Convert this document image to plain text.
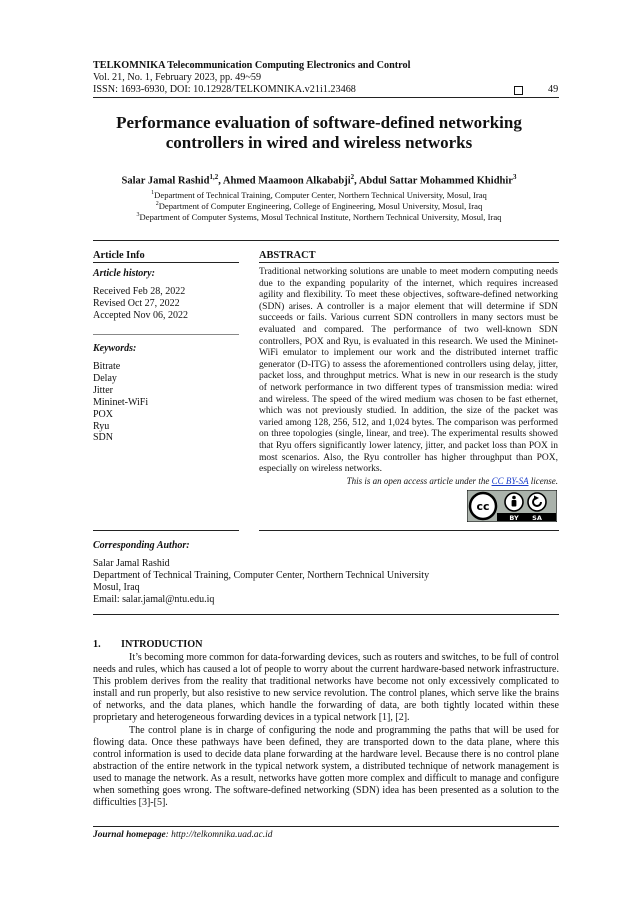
TELKOMNIKA Telecommunication Computing Electronics and Control
Vol. 21, No. 1, February 2023, pp. 49~59
ISSN: 1693-6930, DOI: 10.12928/TELKOMNIKA.v21i1.23468	49
Performance evaluation of software-defined networking
controllers in wired and wireless networks
Salar Jamal Rashid$^{1,2}$, Ahmed Maamoon Alkababji$^2$, Abdul Sattar Mohammed Khidhir$^3$
$^1$Department of Technical Training, Computer Center, Northern Technical University, Mosul, Iraq
$^2$Department of Computer Engineering, College of Engineering, Mosul University, Mosul, Iraq
$^3$Department of Computer Systems, Mosul Technical Institute, Northern Technical University, Mosul, Iraq
Article Info	ABSTRACT
Article history:
Received Feb 28, 2022
Revised Oct 27, 2022
Accepted Nov 06, 2022
Keywords:
Bitrate
Delay
Jitter
Mininet-WiFi
POX
Ryu
SDN
Traditional networking solutions are unable to meet modern computing needs due to the expanding popularity of the internet, which requires increased agility and flexibility. To meet these objectives, software-defined networking (SDN) arises. A controller is a major element that will determine if SDN succeeds or fails. Various current SDN controllers in many sectors must be evaluated and compared. The performance of two well-known SDN controllers, POX and Ryu, is evaluated in this research. We used the Mininet-WiFi emulator to implement our work and the distributed internet traffic generator (D-ITG) to assess the aforementioned controllers using delay, jitter, packet loss, and throughput metrics. What is new in our research is the study of network performance in two different types of transmission media: wired and wireless. The speed of the wired medium was chosen to be fast ethernet, which was not previously studied. In addition, the size of the packet was varied among 128, 256, 512, and 1,024 bytes. The comparison was performed on three topologies (single, linear, and tree). The experimental results showed that Ryu offers significantly lower latency, jitter, and packet loss than POX in most scenarios. Also, the Ryu controller has higher throughput than POX, especially on wireless networks.
This is an open access article under the CC BY-SA license.
cc
BY SA
Corresponding Author:
Salar Jamal Rashid
Department of Technical Training, Computer Center, Northern Technical University
Mosul, Iraq
Email: salar.jamal@ntu.edu.iq
1.        INTRODUCTION
It’s becoming more common for data-forwarding devices, such as routers and switches, to be full of control needs and rules, which has caused a lot of people to worry about the current hardware-based network infrastructure. This problem derives from the reality that traditional networks have become not only excessively complicated to install and run properly, but also resistive to new service revolution. The control planes, which serve like the brains of networks, and the data planes, which handle the forwarding of data, are both tightly located within these proprietary and heterogeneous forwarding devices in a typical network [1], [2].
The control plane is in charge of configuring the node and programming the paths that will be used for flowing data. Once these pathways have been defined, they are transported down to the data plane, where this control information is used to decide data plane forwarding at the hardware level. Because there is no control plane abstraction of the entire network in the typical network system, a distributed technique of network management is used to manage the network. As a result, networks have gotten more complex and difficult to manage and configure when something goes wrong. The software-defined networking (SDN) idea has been presented as a solution to the difficulties [3]-[5].
Journal homepage: http://telkomnika.uad.ac.id
